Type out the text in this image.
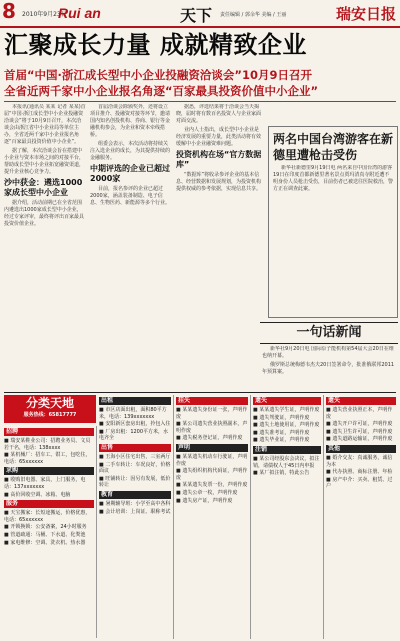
8 2010年9月23日
Rui an	天下 责任编辑 / 郭余华 美编 / 王丽	瑞安日报
汇聚成长力量 成就精致企业
首届“中国·浙江成长型中小企业投融资洽谈会”10月9日召开
全省近两千家中小企业报名角逐“百家最具投资价值中小企业”

本报讯(通讯员 某某 记者 某某)首届“中国·浙江成长型中小企业投融资洽谈会”将于10月9日召开，本次洽谈会由浙江省中小企业局等单位主办，全省近两千家中小企业报名角逐“百家最具投资价值中小企业”。

据了解，本次洽谈会旨在搭建中小企业与资本市场之间的对接平台，帮助成长型中小企业拓宽融资渠道，提升企业核心竞争力。

沙中获金：遴选1000家成长型中小企业

据介绍，活动前期已在全省范围内遴选出1000家成长型中小企业，经过专家评审，最终将评出百家最具投资价值企业。

首届洽谈会除颁奖外，还将设立项目推介、投融资对接等环节，邀请国内知名创投机构、券商、银行等金融机构参会，为企业和资本牵线搭桥。

组委会表示，本次活动将持续关注入选企业的成长，为其提供持续的金融服务。

中期评选的企业已超过2000家

目前，报名参评的企业已超过2000家，涵盖装备制造、电子信息、生物医药、新能源等多个行业。

据悉，评选结果将于洽谈会当天揭晓，届时将有数百名投资人与企业家面对面交流。

业内人士指出，成长型中小企业是经济发展的重要力量，此类活动将有效缓解中小企业融资难问题。

投资机构在场“官方数据库”

“数据库”将收录参评企业的基本信息、经营数据和发展规划，为投资机构提供权威的参考依据，实现信息共享。

两名中国台湾游客在新德里遭枪击受伤

新华社新德里9月19日电 两名来自中国台湾的游客19日在印度首都新德里著名景点贾玛清真寺附近遭不明身份人员枪击受伤，目前伤者已被送往医院救治，警方正在调查此案。

一句话新闻

新华社9月20日电 国际原子能机构第54届大会20日在维也纳开幕。

俄罗斯总统梅德韦杰夫20日签署命令，批准俄联邦2011年预算案。

分类天地
服务热线：65817777
招聘
■ 瑞安某鞋业公司：招聘业务员、文员若干名，电话：138xxxx
■ 某机械厂：招车工、钳工，包吃住，电话：65xxxxxx
求购
■ 收购旧电器、家具，上门服务，电话：137xxxxxxx
■ 高价回收空调、冰箱、电脑
服务
■ 天宝搬家：长短途搬运，价格优惠，电话：65xxxxxx
■ 开锁换锁：公安备案，24小时服务
■ 管道疏通：马桶、下水道、化粪池
■ 家电维修：空调、洗衣机、热水器
出租
■ 市区店面出租，面积80平方米，电话：139xxxxxxx
■ 安阳新区套房出租，拎包入住
■ 厂房出租：1200平方米，水电齐全
出售
■ 玉海小区住宅出售，三室两厅
■ 二手车转让：车况良好，价格面议
■ 旺铺转让：因另有发展，低价转让
教育
■ 暑期辅导班：小学至高中各科
■ 会计培训：上岗证、职称考试
挂失
■ 某某遗失身份证一张，声明作废
■ 某公司遗失营业执照副本，声明作废
■ 遗失税务登记证，声明作废
声明
■ 某某遗失机动车行驶证，声明作废
■ 遗失组织机构代码证，声明作废
■ 某某遗失发票一份，声明作废
■ 遗失公章一枚，声明作废
■ 遗失房产证，声明作废
遗失
■ 某某遗失学生证，声明作废
■ 遗失驾驶证，声明作废
■ 遗失土地使用证，声明作废
■ 遗失准考证，声明作废
■ 遗失毕业证，声明作废
注销
■ 某公司经股东会决议，拟注销，请债权人于45日内申报
■ 某厂拟注销，特此公告
遗失
■ 遗失营业执照正本，声明作废
■ 遗失开户许可证，声明作废
■ 遗失卫生许可证，声明作废
■ 遗失道路运输证，声明作废
其他
■ 婚介交友：真诚服务，诚信为本
■ 代办执照、商标注册、年检
■ 房产中介：买卖、租赁、过户
